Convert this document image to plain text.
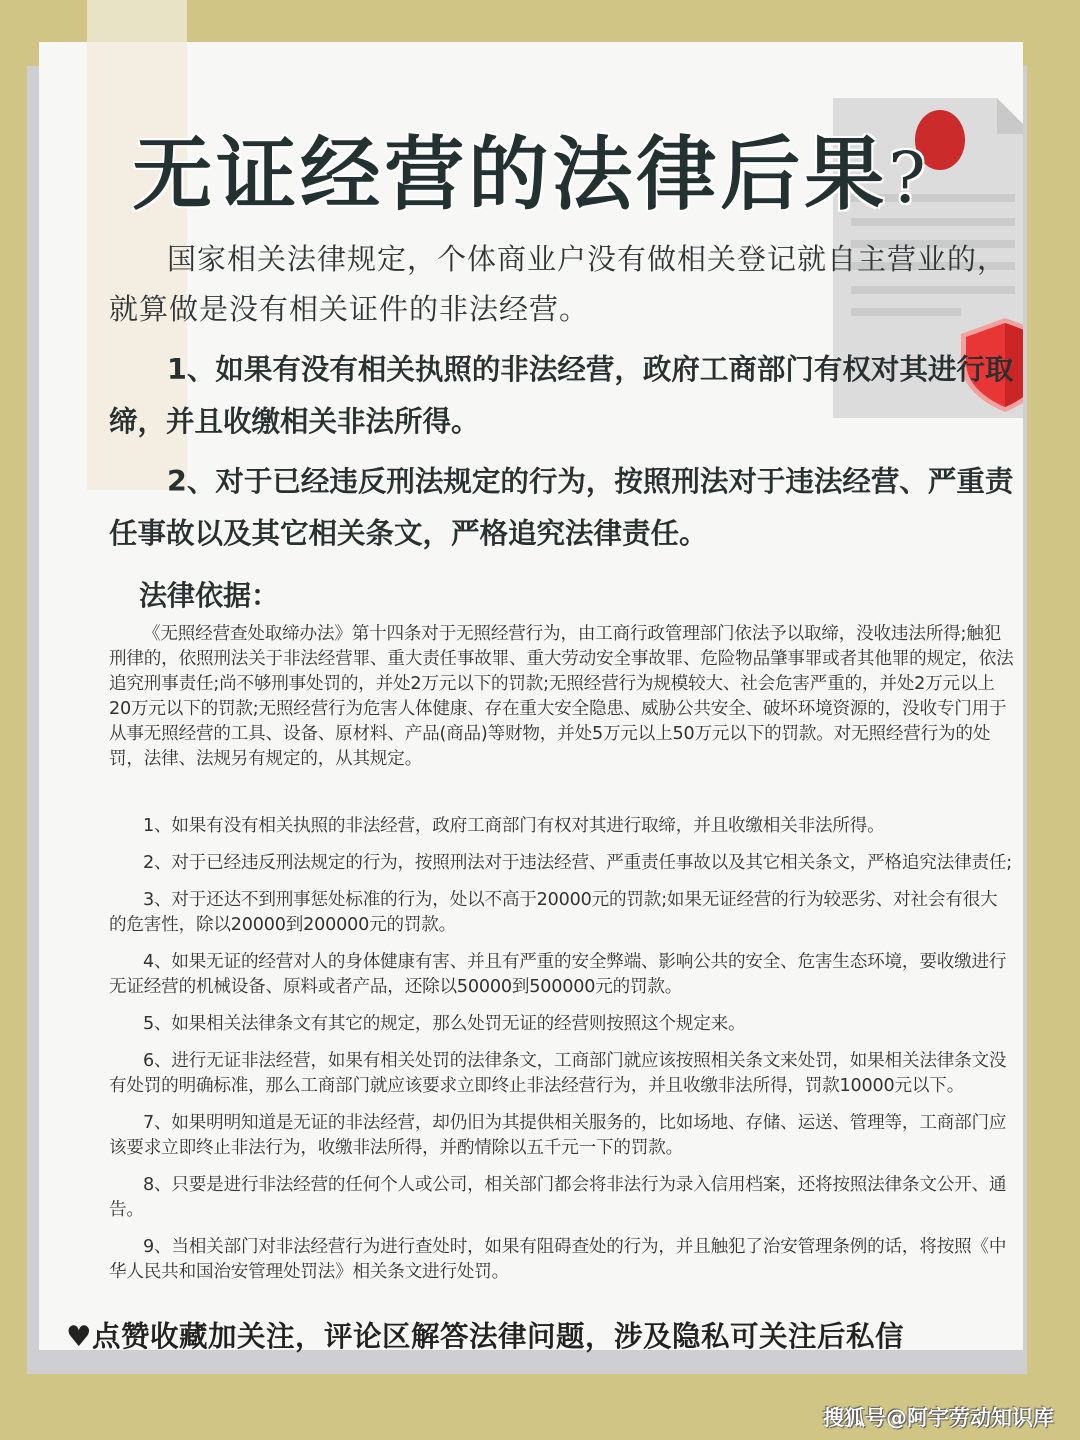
无证经营的法律后果?

国家相关法律规定，个体商业户没有做相关登记就自主营业的，就算做是没有相关证件的非法经营。

1、如果有没有相关执照的非法经营，政府工商部门有权对其进行取缔，并且收缴相关非法所得。

2、对于已经违反刑法规定的行为，按照刑法对于违法经营、严重责任事故以及其它相关条文，严格追究法律责任。

法律依据：

《无照经营查处取缔办法》第十四条对于无照经营行为，由工商行政管理部门依法予以取缔，没收违法所得;触犯刑律的，依照刑法关于非法经营罪、重大责任事故罪、重大劳动安全事故罪、危险物品肇事罪或者其他罪的规定，依法追究刑事责任;尚不够刑事处罚的，并处2万元以下的罚款;无照经营行为规模较大、社会危害严重的，并处2万元以上20万元以下的罚款;无照经营行为危害人体健康、存在重大安全隐患、威胁公共安全、破坏环境资源的，没收专门用于从事无照经营的工具、设备、原材料、产品(商品)等财物，并处5万元以上50万元以下的罚款。对无照经营行为的处罚，法律、法规另有规定的，从其规定。

1、如果有没有相关执照的非法经营，政府工商部门有权对其进行取缔，并且收缴相关非法所得。

2、对于已经违反刑法规定的行为，按照刑法对于违法经营、严重责任事故以及其它相关条文，严格追究法律责任;

3、对于还达不到刑事惩处标准的行为，处以不高于20000元的罚款;如果无证经营的行为较恶劣、对社会有很大的危害性，除以20000到200000元的罚款。

4、如果无证的经营对人的身体健康有害、并且有严重的安全弊端、影响公共的安全、危害生态环境，要收缴进行无证经营的机械设备、原料或者产品，还除以50000到500000元的罚款。

5、如果相关法律条文有其它的规定，那么处罚无证的经营则按照这个规定来。

6、进行无证非法经营，如果有相关处罚的法律条文，工商部门就应该按照相关条文来处罚，如果相关法律条文没有处罚的明确标准，那么工商部门就应该要求立即终止非法经营行为，并且收缴非法所得，罚款10000元以下。

7、如果明明知道是无证的非法经营，却仍旧为其提供相关服务的，比如场地、存储、运送、管理等，工商部门应该要求立即终止非法行为，收缴非法所得，并酌情除以五千元一下的罚款。

8、只要是进行非法经营的任何个人或公司，相关部门都会将非法行为录入信用档案，还将按照法律条文公开、通告。

9、当相关部门对非法经营行为进行查处时，如果有阻碍查处的行为，并且触犯了治安管理条例的话，将按照《中华人民共和国治安管理处罚法》相关条文进行处罚。

♥点赞收藏加关注，评论区解答法律问题，涉及隐私可关注后私信
搜狐号@阿宇劳动知识库
